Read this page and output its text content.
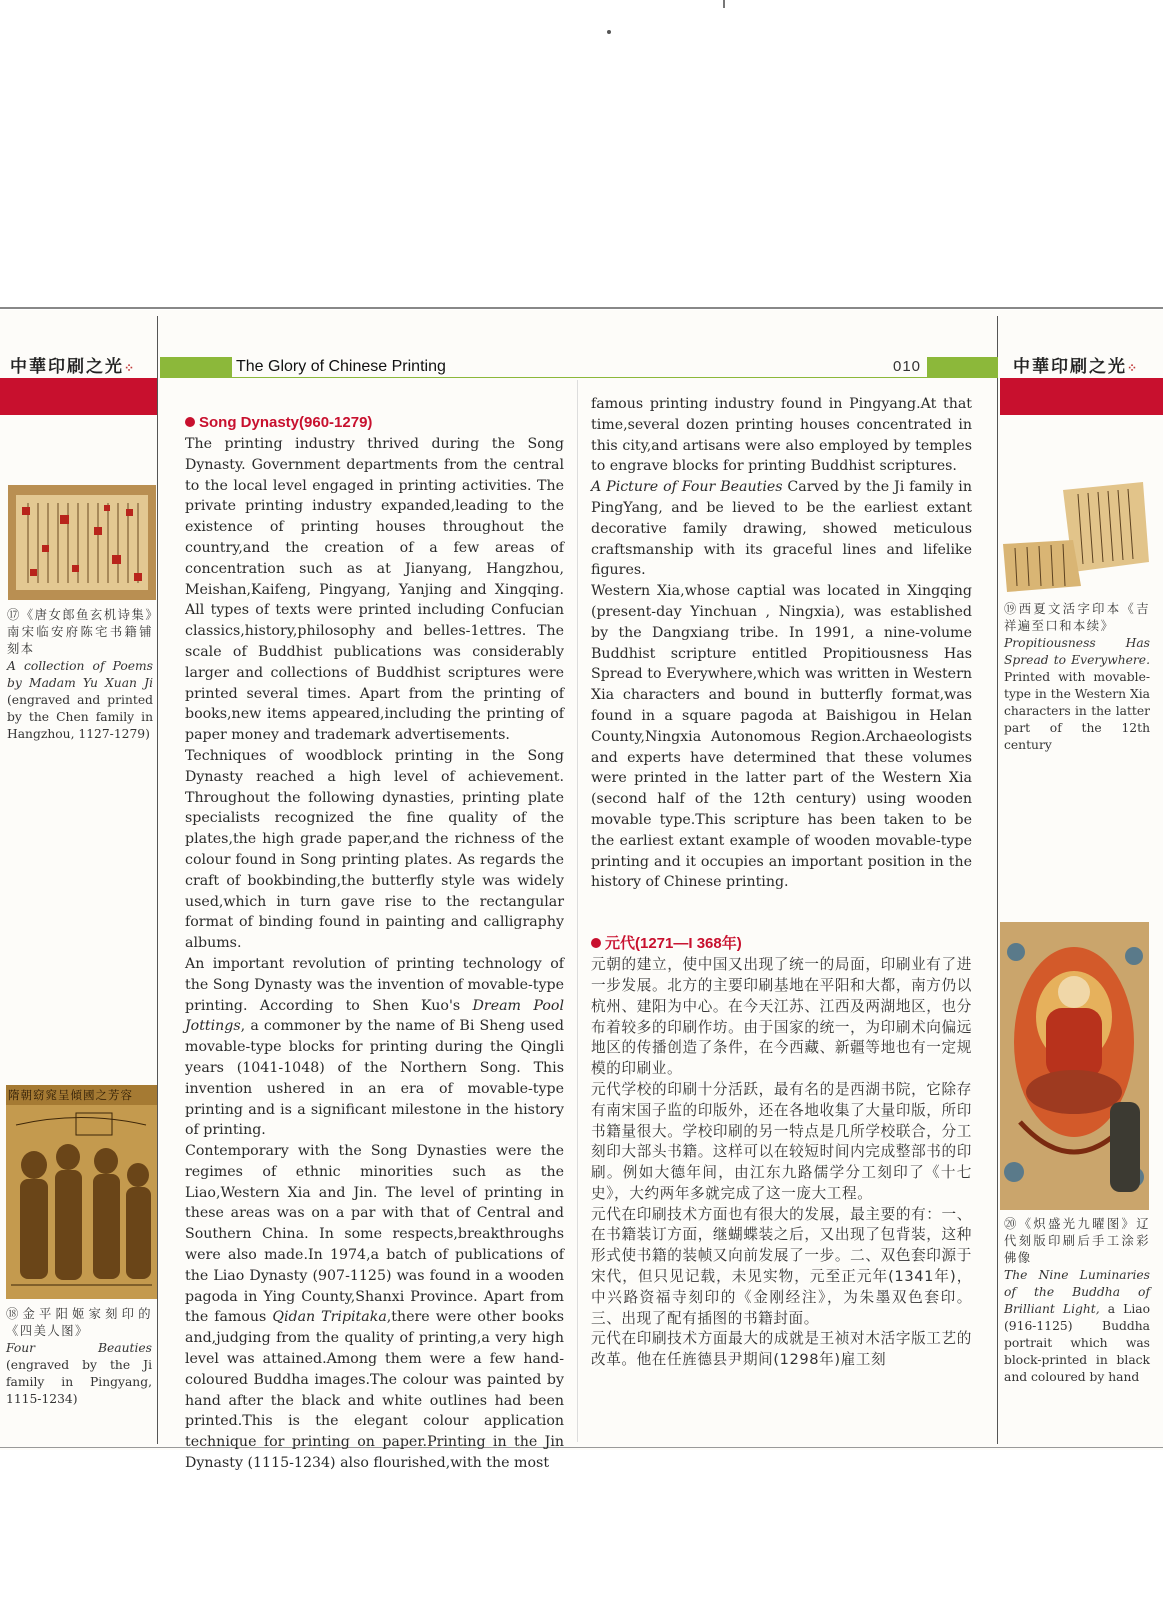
中華印刷之光⁘	中華印刷之光⁘
The Glory of Chinese Printing	010
Song Dynasty(960-1279)

The printing industry thrived during the Song Dynasty. Government departments from the central to the local level engaged in printing activities. The private printing industry expanded,leading to the existence of printing houses throughout the country,and the creation of a few areas of concentration such as at Jianyang, Hangzhou, Meishan,Kaifeng, Pingyang, Yanjing and Xingqing. All types of texts were printed including Confucian classics,history,philosophy and belles-1ettres. The scale of Buddhist publications was considerably larger and collections of Buddhist scriptures were printed several times. Apart from the printing of books,new items appeared,including the printing of paper money and trademark advertisements.

Techniques of woodblock printing in the Song Dynasty reached a high level of achievement. Throughout the following dynasties, printing plate specialists recognized the fine quality of the plates,the high grade paper,and the richness of the colour found in Song printing plates. As regards the craft of bookbinding,the butterfly style was widely used,which in turn gave rise to the rectangular format of binding found in painting and calligraphy albums.

An important revolution of printing technology of the Song Dynasty was the invention of movable-type printing. According to Shen Kuo's Dream Pool Jottings, a commoner by the name of Bi Sheng used movable-type blocks for printing during the Qingli years (1041-1048) of the Northern Song. This invention ushered in an era of movable-type printing and is a significant milestone in the history of printing.

Contemporary with the Song Dynasties were the regimes of ethnic minorities such as the Liao,Western Xia and Jin. The level of printing in these areas was on a par with that of Central and Southern China. In some respects,breakthroughs were also made.In 1974,a batch of publications of the Liao Dynasty (907-1125) was found in a wooden pagoda in Ying County,Shanxi Province. Apart from the famous Qidan Tripitaka,there were other books and,judging from the quality of printing,a very high level was attained.Among them were a few hand-coloured Buddha images.The colour was painted by hand after the black and white outlines had been printed.This is the elegant colour application technique for printing on paper.Printing in the Jin Dynasty (1115-1234) also flourished,with the most

famous printing industry found in Pingyang.At that time,several dozen printing houses concentrated in this city,and artisans were also employed by temples to engrave blocks for printing Buddhist scriptures.

A Picture of Four Beauties Carved by the Ji family in PingYang, and be lieved to be the earliest extant decorative family drawing, showed meticulous craftsmanship with its graceful lines and lifelike figures.

Western Xia,whose captial was located in Xingqing (present-day Yinchuan , Ningxia), was established by the Dangxiang tribe. In 1991, a nine-volume Buddhist scripture entitled Propitiousness Has Spread to Everywhere,which was written in Western Xia characters and bound in butterfly format,was found in a square pagoda at Baishigou in Helan County,Ningxia Autonomous Region.Archaeologists and experts have determined that these volumes were printed in the latter part of the Western Xia (second half of the 12th century) using wooden movable type.This scripture has been taken to be the earliest extant example of wooden movable-type printing and it occupies an important position in the history of Chinese printing.

元代(1271—I 368年)

元朝的建立，使中国又出现了统一的局面，印刷业有了进一步发展。北方的主要印刷基地在平阳和大都，南方仍以杭州、建阳为中心。在今天江苏、江西及两湖地区，也分布着较多的印刷作坊。由于国家的统一，为印刷术向偏远地区的传播创造了条件，在今西藏、新疆等地也有一定规模的印刷业。

元代学校的印刷十分活跃，最有名的是西湖书院，它除存有南宋国子监的印版外，还在各地收集了大量印版，所印书籍量很大。学校印刷的另一特点是几所学校联合，分工刻印大部头书籍。这样可以在较短时间内完成整部书的印刷。例如大德年间，由江东九路儒学分工刻印了《十七史》，大约两年多就完成了这一庞大工程。

元代在印刷技术方面也有很大的发展，最主要的有：一、在书籍装订方面，继蝴蝶装之后，又出现了包背装，这种形式使书籍的装帧又向前发展了一步。二、双色套印源于宋代，但只见记载，未见实物，元至正元年(1341年)，中兴路资福寺刻印的《金刚经注》，为朱墨双色套印。三、出现了配有插图的书籍封面。

元代在印刷技术方面最大的成就是王祯对木活字版工艺的改革。他在任旌德县尹期间(1298年)雇工刻

⑰《唐女郎鱼玄机诗集》南宋临安府陈宅书籍铺刻本
A collection of Poems by Madam Yu Xuan Ji (engraved and printed by the Chen family in Hangzhou, 1127-1279)
隋朝窈窕呈傾國之芳容
⑱金平阳姬家刻印的《四美人图》
Four Beauties (engraved by the Ji family in Pingyang, 1115-1234)
⑲西夏文活字印本《吉祥遍至口和本续》
Propitiousness Has Spread to Everywhere. Printed with movable-type in the Western Xia characters in the latter part of the 12th century
⑳《炽盛光九曜图》辽代刻版印刷后手工涂彩佛像
The Nine Luminaries of the Buddha of Brilliant Light, a Liao (916-1125) Buddha portrait which was block-printed in black and coloured by hand
